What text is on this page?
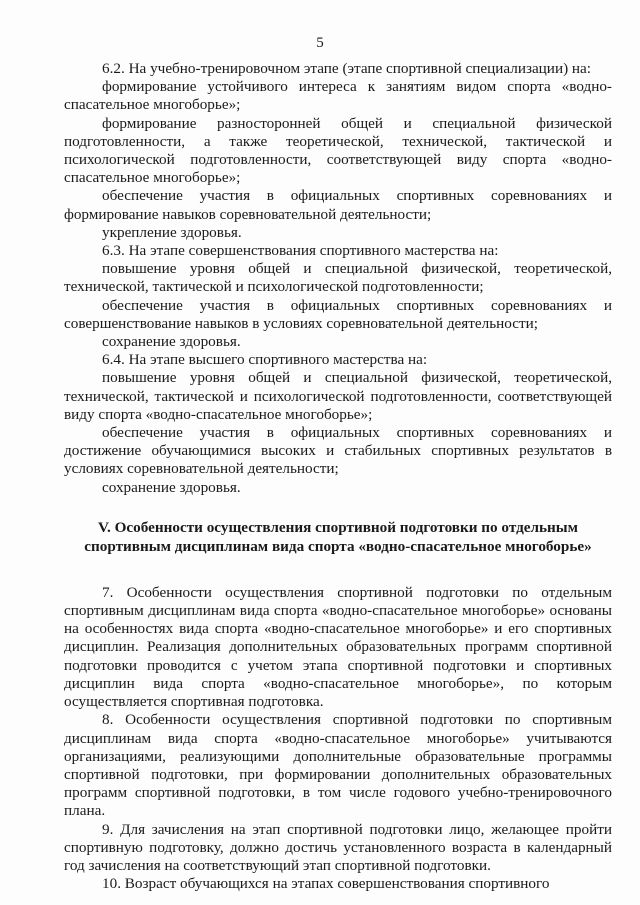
5

6.2. На учебно-тренировочном этапе (этапе спортивной специализации) на:

формирование устойчивого интереса к занятиям видом спорта «водно-спасательное многоборье»;

формирование разносторонней общей и специальной физической подготовленности, а также теоретической, технической, тактической и психологической подготовленности, соответствующей виду спорта «водно-спасательное многоборье»;

обеспечение участия в официальных спортивных соревнованиях и формирование навыков соревновательной деятельности;

укрепление здоровья.

6.3. На этапе совершенствования спортивного мастерства на:

повышение уровня общей и специальной физической, теоретической, технической, тактической и психологической подготовленности;

обеспечение участия в официальных спортивных соревнованиях и совершенствование навыков в условиях соревновательной деятельности;

сохранение здоровья.

6.4. На этапе высшего спортивного мастерства на:

повышение уровня общей и специальной физической, теоретической, технической, тактической и психологической подготовленности, соответствующей виду спорта «водно-спасательное многоборье»;

обеспечение участия в официальных спортивных соревнованиях и достижение обучающимися высоких и стабильных спортивных результатов в условиях соревновательной деятельности;

сохранение здоровья.

V. Особенности осуществления спортивной подготовки по отдельным
спортивным дисциплинам вида спорта «водно-спасательное многоборье»

7. Особенности осуществления спортивной подготовки по отдельным спортивным дисциплинам вида спорта «водно-спасательное многоборье» основаны на особенностях вида спорта «водно-спасательное многоборье» и его спортивных дисциплин. Реализация дополнительных образовательных программ спортивной подготовки проводится с учетом этапа спортивной подготовки и спортивных дисциплин вида спорта «водно-спасательное многоборье», по которым осуществляется спортивная подготовка.

8. Особенности осуществления спортивной подготовки по спортивным дисциплинам вида спорта «водно-спасательное многоборье» учитываются организациями, реализующими дополнительные образовательные программы спортивной подготовки, при формировании дополнительных образовательных программ спортивной подготовки, в том числе годового учебно-тренировочного плана.

9. Для зачисления на этап спортивной подготовки лицо, желающее пройти спортивную подготовку, должно достичь установленного возраста в календарный год зачисления на соответствующий этап спортивной подготовки.

10. Возраст обучающихся на этапах совершенствования спортивного
